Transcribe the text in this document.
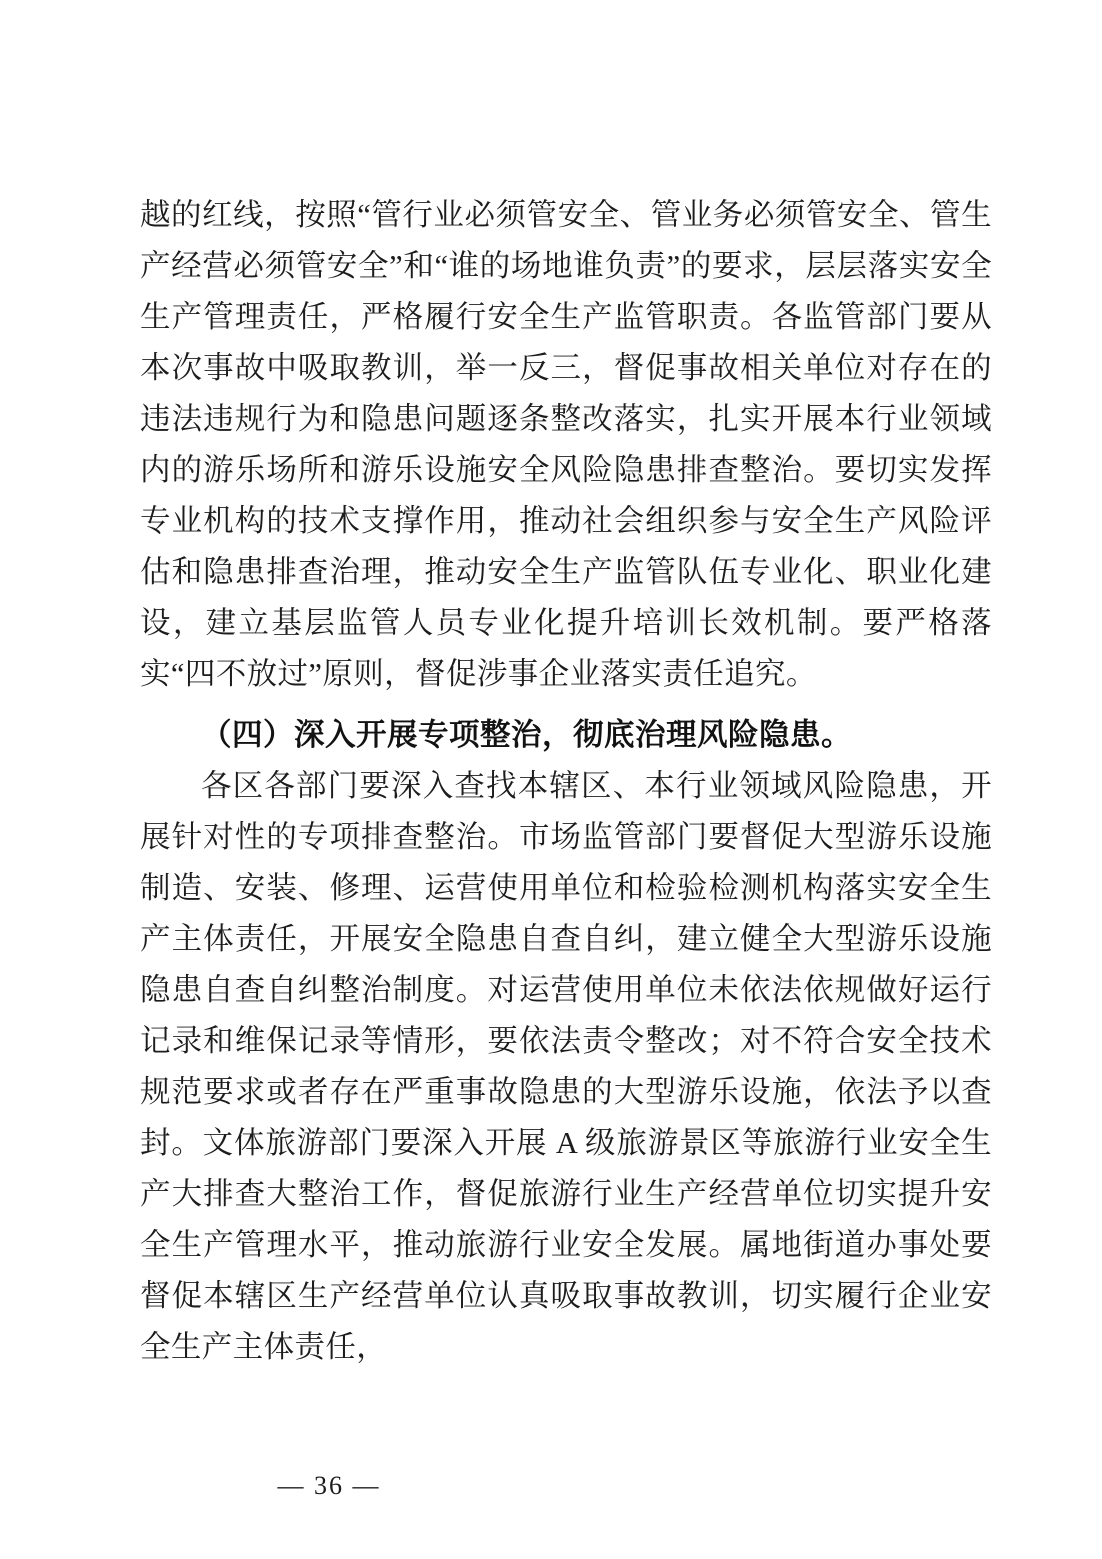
越的红线，按照“管行业必须管安全、管业务必须管安全、管生产经营必须管安全”和“谁的场地谁负责”的要求，层层落实安全生产管理责任，严格履行安全生产监管职责。各监管部门要从本次事故中吸取教训，举一反三，督促事故相关单位对存在的违法违规行为和隐患问题逐条整改落实，扎实开展本行业领域内的游乐场所和游乐设施安全风险隐患排查整治。要切实发挥专业机构的技术支撑作用，推动社会组织参与安全生产风险评估和隐患排查治理，推动安全生产监管队伍专业化、职业化建设，建立基层监管人员专业化提升培训长效机制。要严格落实“四不放过”原则，督促涉事企业落实责任追究。

（四）深入开展专项整治，彻底治理风险隐患。

各区各部门要深入查找本辖区、本行业领域风险隐患，开展针对性的专项排查整治。市场监管部门要督促大型游乐设施制造、安装、修理、运营使用单位和检验检测机构落实安全生产主体责任，开展安全隐患自查自纠，建立健全大型游乐设施隐患自查自纠整治制度。对运营使用单位未依法依规做好运行记录和维保记录等情形，要依法责令整改；对不符合安全技术规范要求或者存在严重事故隐患的大型游乐设施，依法予以查封。文体旅游部门要深入开展 A 级旅游景区等旅游行业安全生产大排查大整治工作，督促旅游行业生产经营单位切实提升安全生产管理水平，推动旅游行业安全发展。属地街道办事处要督促本辖区生产经营单位认真吸取事故教训，切实履行企业安全生产主体责任，

— 36 —
